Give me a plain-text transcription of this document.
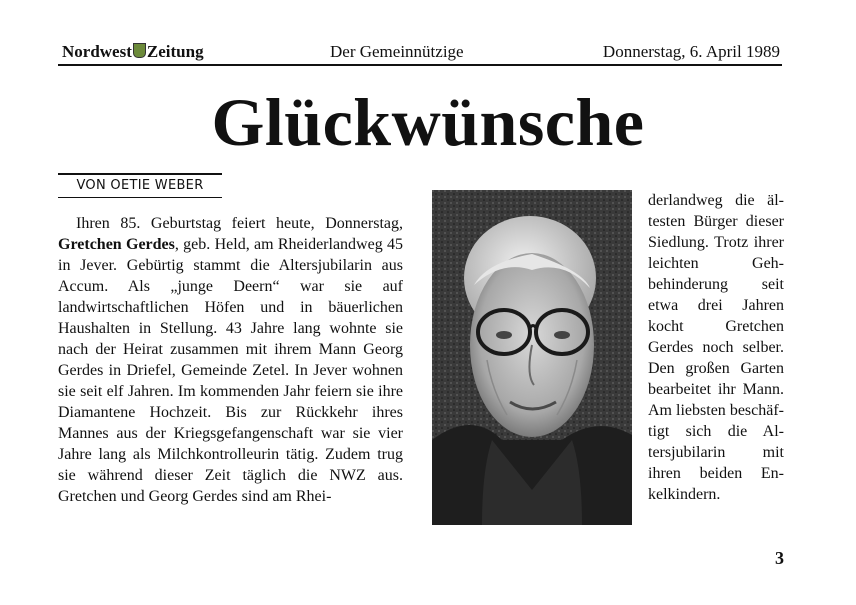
Nordwest Zeitung	Der Gemeinnützige	Donnerstag, 6. April 1989
Glückwünsche
VON OETIE WEBER

Ihren 85. Geburtstag feiert heute, Donnerstag, Gretchen Gerdes, geb. Held, am Rheiderlandweg 45 in Jever. Gebürtig stammt die Altersjubilarin aus Accum. Als „junge Deern“ war sie auf landwirtschaftlichen Höfen und in bäuerlichen Haushalten in Stellung. 43 Jahre lang wohnte sie nach der Heirat zusammen mit ihrem Mann Georg Gerdes in Driefel, Gemeinde Zetel. In Jever wohnen sie seit elf Jahren. Im kommenden Jahr feiern sie ihre Diamantene Hochzeit. Bis zur Rückkehr ihres Mannes aus der Kriegsgefangenschaft war sie vier Jahre lang als Milchkontrolleurin tätig. Zudem trug sie während dieser Zeit täglich die NWZ aus. Gretchen und Georg Gerdes sind am Rhei-

derlandweg die ältesten Bürger dieser Siedlung. Trotz ihrer leichten Gehbehinderung seit etwa drei Jahren kocht Gretchen Gerdes noch selber. Den großen Garten bearbeitet ihr Mann. Am liebsten beschäftigt sich die Altersjubilarin mit ihren beiden Enkelkindern.

3
